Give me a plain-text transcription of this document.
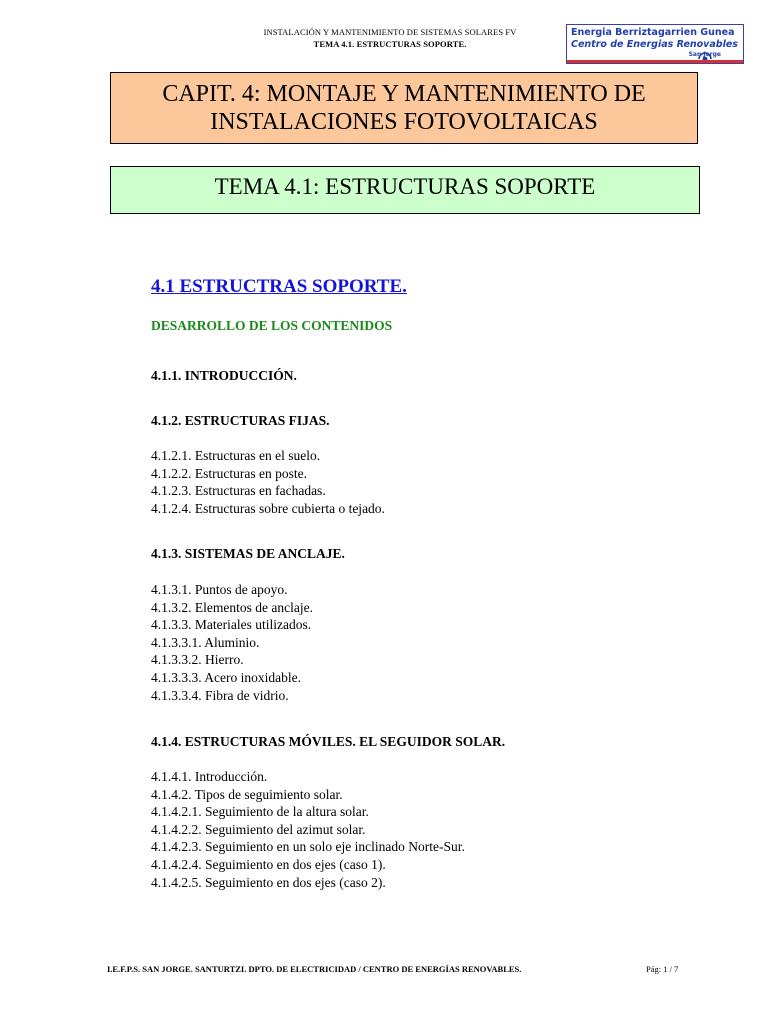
INSTALACIÓN Y MANTENIMIENTO DE SISTEMAS SOLARES FV
TEMA 4.1. ESTRUCTURAS SOPORTE.
Energia Berriztagarrien Gunea
Centro de Energias Renovables
San Jorge
CAPIT. 4: MONTAJE Y MANTENIMIENTO DE
INSTALACIONES FOTOVOLTAICAS
TEMA 4.1: ESTRUCTURAS SOPORTE
4.1 ESTRUCTRAS SOPORTE.
DESARROLLO DE LOS CONTENIDOS
4.1.1. INTRODUCCIÓN.
4.1.2. ESTRUCTURAS FIJAS.
4.1.2.1. Estructuras en el suelo.
4.1.2.2. Estructuras en poste.
4.1.2.3. Estructuras en fachadas.
4.1.2.4. Estructuras sobre cubierta o tejado.
4.1.3. SISTEMAS DE ANCLAJE.
4.1.3.1. Puntos de apoyo.
4.1.3.2. Elementos de anclaje.
4.1.3.3. Materiales utilizados.
4.1.3.3.1. Aluminio.
4.1.3.3.2. Hierro.
4.1.3.3.3. Acero inoxidable.
4.1.3.3.4. Fibra de vidrio.
4.1.4. ESTRUCTURAS MÓVILES. EL SEGUIDOR SOLAR.
4.1.4.1. Introducción.
4.1.4.2. Tipos de seguimiento solar.
4.1.4.2.1. Seguimiento de la altura solar.
4.1.4.2.2. Seguimiento del azimut solar.
4.1.4.2.3. Seguimiento en un solo eje inclinado Norte-Sur.
4.1.4.2.4. Seguimiento en dos ejes (caso 1).
4.1.4.2.5. Seguimiento en dos ejes (caso 2).
I.E.F.P.S. SAN JORGE. SANTURTZI. DPTO. DE ELECTRICIDAD / CENTRO DE ENERGÍAS RENOVABLES.	Pág: 1 / 7
